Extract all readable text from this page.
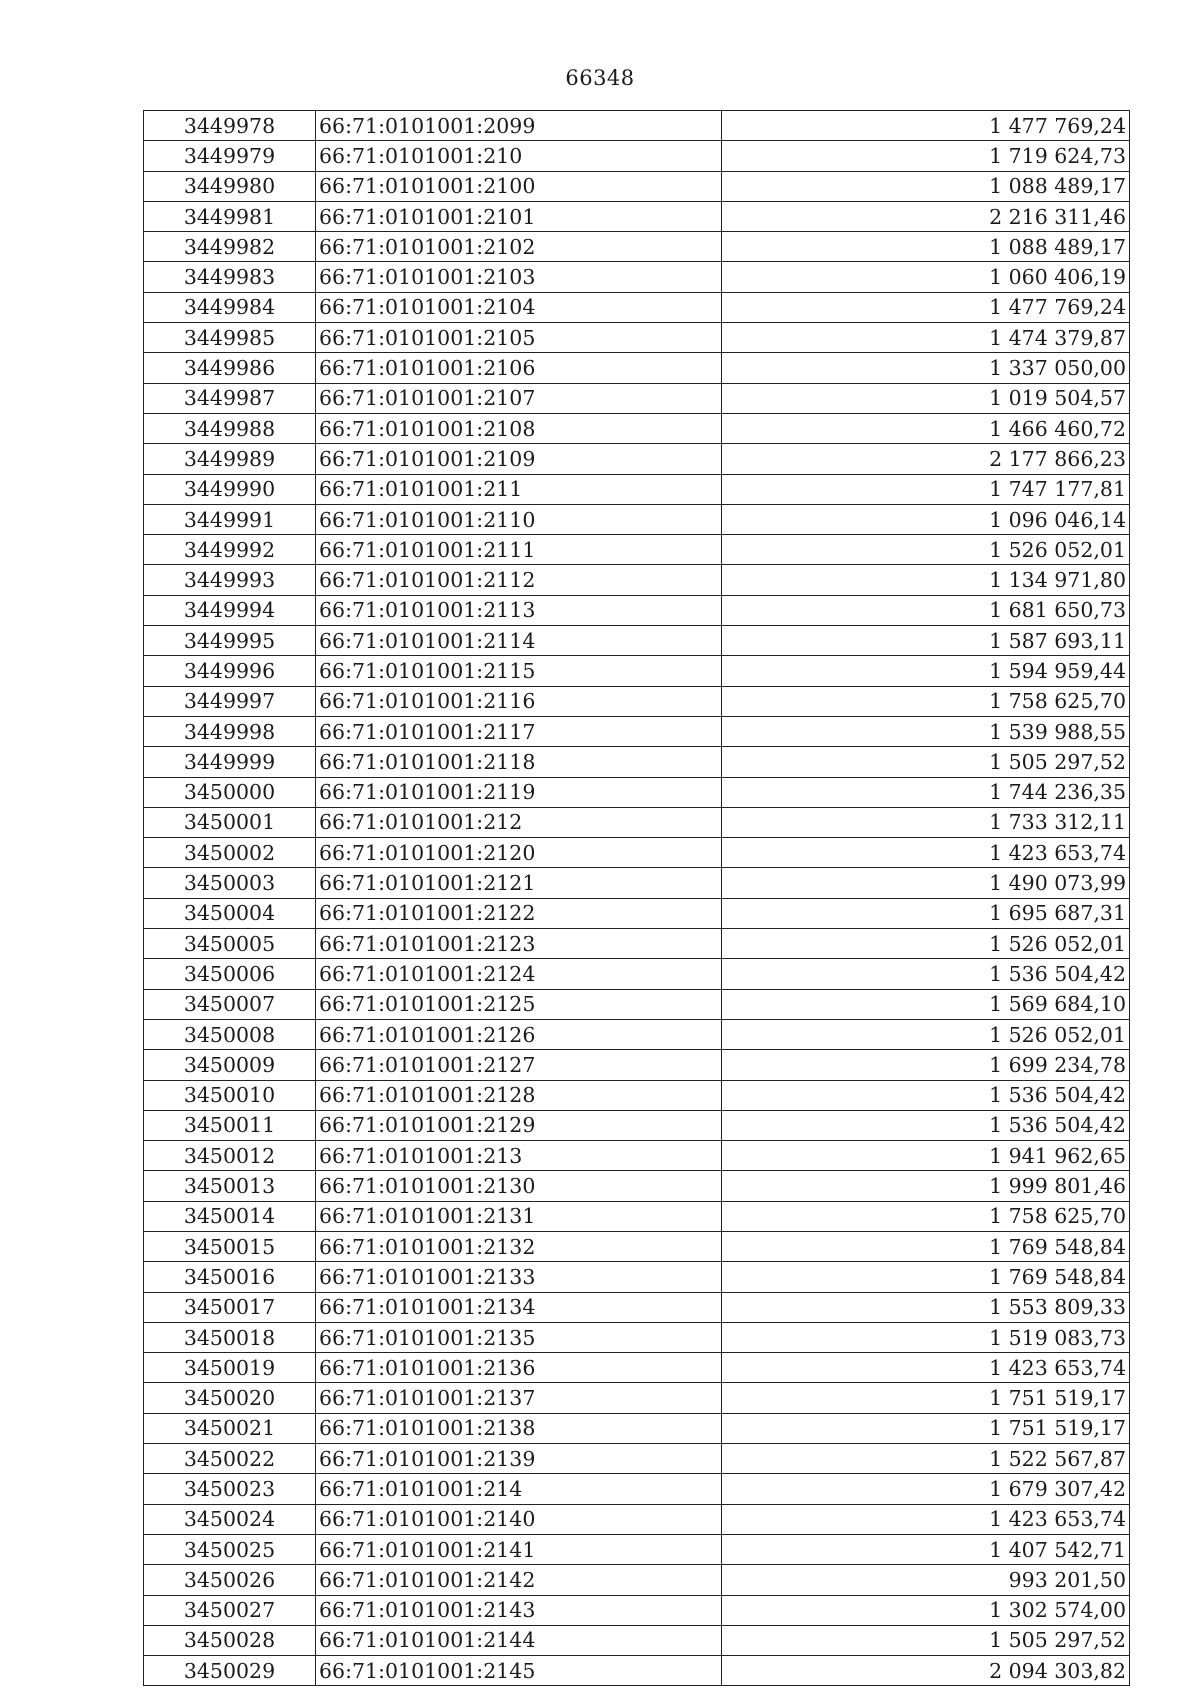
66348
3449978	66:71:0101001:2099	1 477 769,24
3449979	66:71:0101001:210	1 719 624,73
3449980	66:71:0101001:2100	1 088 489,17
3449981	66:71:0101001:2101	2 216 311,46
3449982	66:71:0101001:2102	1 088 489,17
3449983	66:71:0101001:2103	1 060 406,19
3449984	66:71:0101001:2104	1 477 769,24
3449985	66:71:0101001:2105	1 474 379,87
3449986	66:71:0101001:2106	1 337 050,00
3449987	66:71:0101001:2107	1 019 504,57
3449988	66:71:0101001:2108	1 466 460,72
3449989	66:71:0101001:2109	2 177 866,23
3449990	66:71:0101001:211	1 747 177,81
3449991	66:71:0101001:2110	1 096 046,14
3449992	66:71:0101001:2111	1 526 052,01
3449993	66:71:0101001:2112	1 134 971,80
3449994	66:71:0101001:2113	1 681 650,73
3449995	66:71:0101001:2114	1 587 693,11
3449996	66:71:0101001:2115	1 594 959,44
3449997	66:71:0101001:2116	1 758 625,70
3449998	66:71:0101001:2117	1 539 988,55
3449999	66:71:0101001:2118	1 505 297,52
3450000	66:71:0101001:2119	1 744 236,35
3450001	66:71:0101001:212	1 733 312,11
3450002	66:71:0101001:2120	1 423 653,74
3450003	66:71:0101001:2121	1 490 073,99
3450004	66:71:0101001:2122	1 695 687,31
3450005	66:71:0101001:2123	1 526 052,01
3450006	66:71:0101001:2124	1 536 504,42
3450007	66:71:0101001:2125	1 569 684,10
3450008	66:71:0101001:2126	1 526 052,01
3450009	66:71:0101001:2127	1 699 234,78
3450010	66:71:0101001:2128	1 536 504,42
3450011	66:71:0101001:2129	1 536 504,42
3450012	66:71:0101001:213	1 941 962,65
3450013	66:71:0101001:2130	1 999 801,46
3450014	66:71:0101001:2131	1 758 625,70
3450015	66:71:0101001:2132	1 769 548,84
3450016	66:71:0101001:2133	1 769 548,84
3450017	66:71:0101001:2134	1 553 809,33
3450018	66:71:0101001:2135	1 519 083,73
3450019	66:71:0101001:2136	1 423 653,74
3450020	66:71:0101001:2137	1 751 519,17
3450021	66:71:0101001:2138	1 751 519,17
3450022	66:71:0101001:2139	1 522 567,87
3450023	66:71:0101001:214	1 679 307,42
3450024	66:71:0101001:2140	1 423 653,74
3450025	66:71:0101001:2141	1 407 542,71
3450026	66:71:0101001:2142	993 201,50
3450027	66:71:0101001:2143	1 302 574,00
3450028	66:71:0101001:2144	1 505 297,52
3450029	66:71:0101001:2145	2 094 303,82
